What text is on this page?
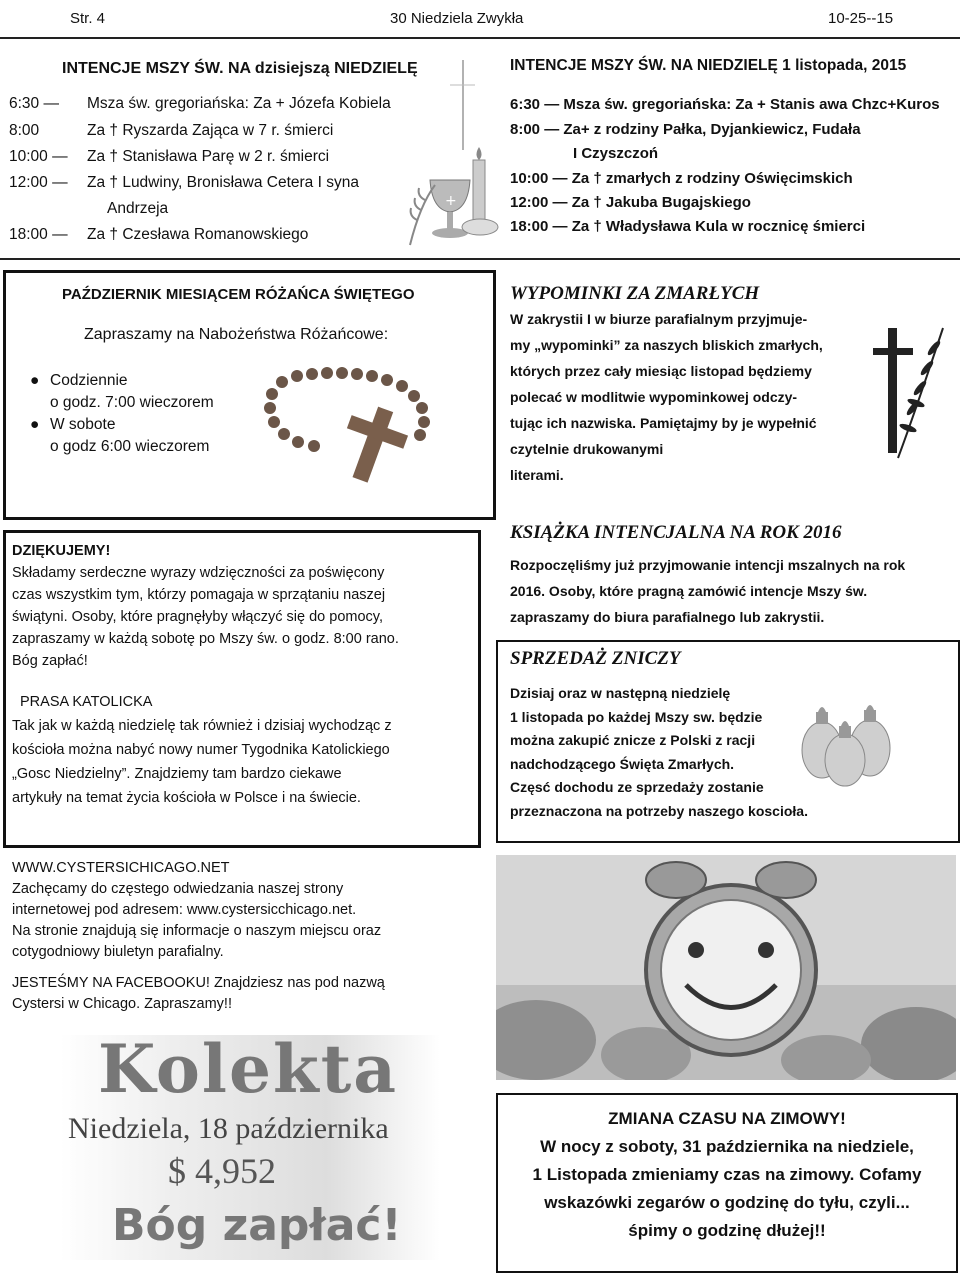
Str. 4	30 Niedziela Zwykła	10-25--15
INTENCJE MSZY ŚW. NA dzisiejszą NIEDZIELĘ
6:30 — Msza św. gregoriańska: Za + Józefa Kobiela
8:00	Za † Ryszarda Zająca w 7 r. śmierci
10:00 — Za † Stanisława Parę w 2 r. śmierci
12:00 — Za † Ludwiny, Bronisława Cetera I syna
Andrzeja
18:00 — Za † Czesława Romanowskiego
+
INTENCJE MSZY ŚW. NA NIEDZIELĘ 1 listopada, 2015
6:30 — Msza św. gregoriańska: Za + Stanis awa Chzc+Kuros
8:00 — Za+ z rodziny Pałka, Dyjankiewicz, Fudała
I Czyszczoń
10:00 — Za † zmarłych z rodziny Oświęcimskich
12:00 — Za † Jakuba Bugajskiego
18:00 — Za † Władysława Kula w rocznicę śmierci
PAŹDZIERNIK MIESIĄCEM RÓŻAŃCA ŚWIĘTEGO
Zapraszamy na Nabożeństwa Różańcowe:
● Codziennie
o godz. 7:00 wieczorem
● W sobote
o godz 6:00 wieczorem
WYPOMINKI ZA ZMARŁYCH
W zakrystii I w biurze parafialnym przyjmuje-
my „wypominki” za naszych bliskich zmarłych,
których przez cały miesiąc listopad będziemy
polecać w modlitwie wypominkowej odczy-
tując ich nazwiska. Pamiętajmy by je wypełnić
czytelnie drukowanymi
literami.
DZIĘKUJEMY!
Składamy serdeczne wyrazy wdzięczności za poświęcony
czas wszystkim tym, którzy pomagaja w sprzątaniu naszej
świątyni. Osoby, które pragnęłyby włączyć się do pomocy,
zapraszamy w każdą sobotę po Mszy św. o godz. 8:00 rano.
Bóg zapłać!
PRASA KATOLICKA
Tak jak w każdą niedzielę tak również i dzisiaj wychodząc z
kościoła można nabyć nowy numer Tygodnika Katolickiego
„Gosc Niedzielny”. Znajdziemy tam bardzo ciekawe
artykuły na temat życia kościoła w Polsce i na świecie.
KSIĄŻKA INTENCJALNA NA ROK 2016
Rozpoczęliśmy już przyjmowanie intencji mszalnych na rok
2016. Osoby, które pragną zamówić intencje Mszy św.
zapraszamy do biura parafialnego lub zakrystii.
SPRZEDAŻ ZNICZY
Dzisiaj oraz w następną niedzielę
1 listopada po każdej Mszy sw. będzie
można zakupić znicze z Polski z racji
nadchodzącego Święta Zmarłych.
Częsć dochodu ze sprzedaży zostanie
przeznaczona na potrzeby naszego koscioła.
WWW.CYSTERSICHICAGO.NET
Zachęcamy do częstego odwiedzania naszej strony
internetowej pod adresem: www.cystersicchicago.net.
Na stronie znajdują się informacje o naszym miejscu oraz
cotygodniowy biuletyn parafialny.
JESTEŚMY NA FACEBOOKU! Znajdziesz nas pod nazwą
Cystersi w Chicago. Zapraszamy!!
Kolekta
Niedziela, 18 października
$ 4,952
Bóg zapłać!
ZMIANA CZASU NA ZIMOWY!
W nocy z soboty, 31 października na niedziele,
1 Listopada zmieniamy czas na zimowy. Cofamy
wskazówki zegarów o godzinę do tyłu, czyli...
śpimy o godzinę dłużej!!
